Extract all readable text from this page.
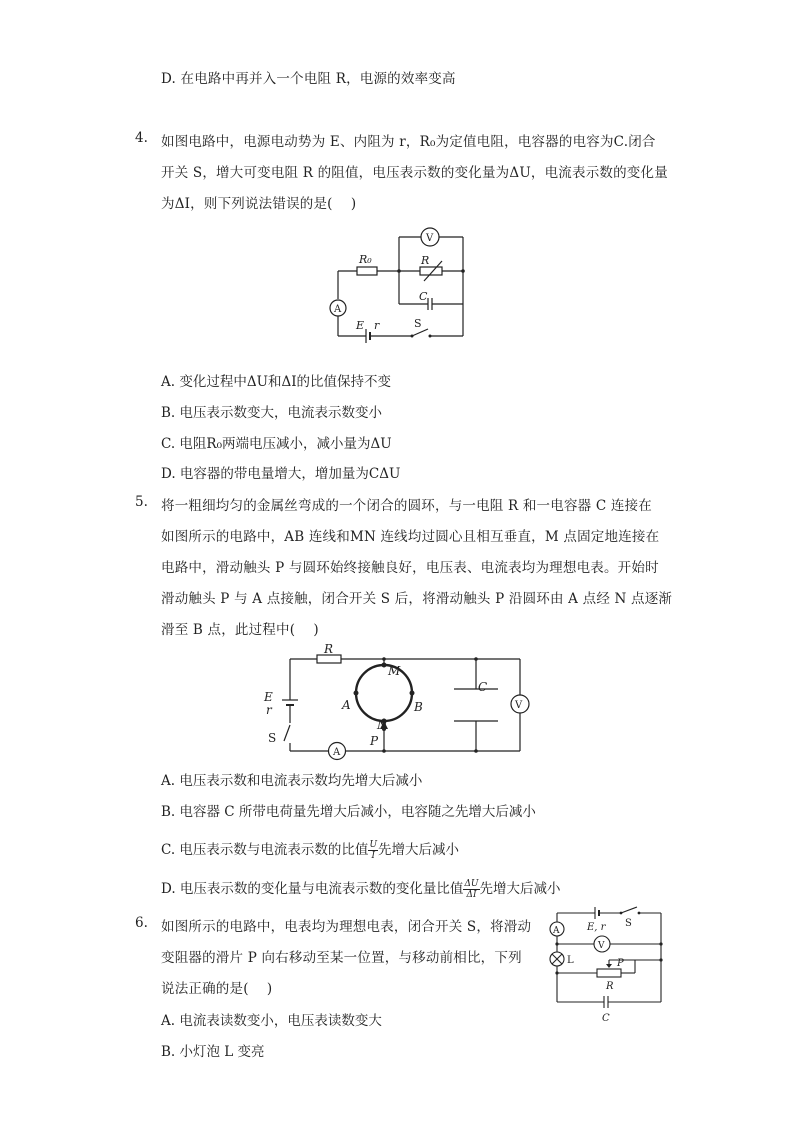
D. 在电路中再并入一个电阻 R，电源的效率变高
4. 如图电路中，电源电动势为 E、内阻为 r，R₀为定值电阻，电容器的电容为C.闭合
开关 S，增大可变电阻 R 的阻值，电压表示数的变化量为ΔU，电流表示数的变化量
为ΔI，则下列说法错误的是(　 )
V
R₀	R
C
A
E r	S
A. 变化过程中ΔU和ΔI的比值保持不变
B. 电压表示数变大，电流表示数变小
C. 电阻R₀两端电压减小，减小量为ΔU
D. 电容器的带电量增大，增加量为CΔU
5. 将一粗细均匀的金属丝弯成的一个闭合的圆环，与一电阻 R 和一电容器 C 连接在
如图所示的电路中，AB 连线和MN 连线均过圆心且相互垂直，M 点固定地连接在
电路中，滑动触头 P 与圆环始终接触良好，电压表、电流表均为理想电表。开始时
滑动触头 P 与 A 点接触，闭合开关 S 后，将滑动触头 P 沿圆环由 A 点经 N 点逐渐
滑至 B 点，此过程中(　 )
R
M
C
E
r	A	B
N
P
V
S
A
A. 电压表示数和电流表示数均先增大后减小
B. 电容器 C 所带电荷量先增大后减小，电容随之先增大后减小
C. 电压表示数与电流表示数的比值 $\frac{U}{I}$ 先增大后减小
D. 电压表示数的变化量与电流表示数的变化量比值 $\frac{\Delta U}{\Delta I}$ 先增大后减小
6. 如图所示的电路中，电表均为理想电表，闭合开关 S，将滑动
变阻器的滑片 P 向右移动至某一位置，与移动前相比，下列
说法正确的是(　 )
A	E, r S
V
L	P
R
C
A. 电流表读数变小，电压表读数变大
B. 小灯泡 L 变亮
